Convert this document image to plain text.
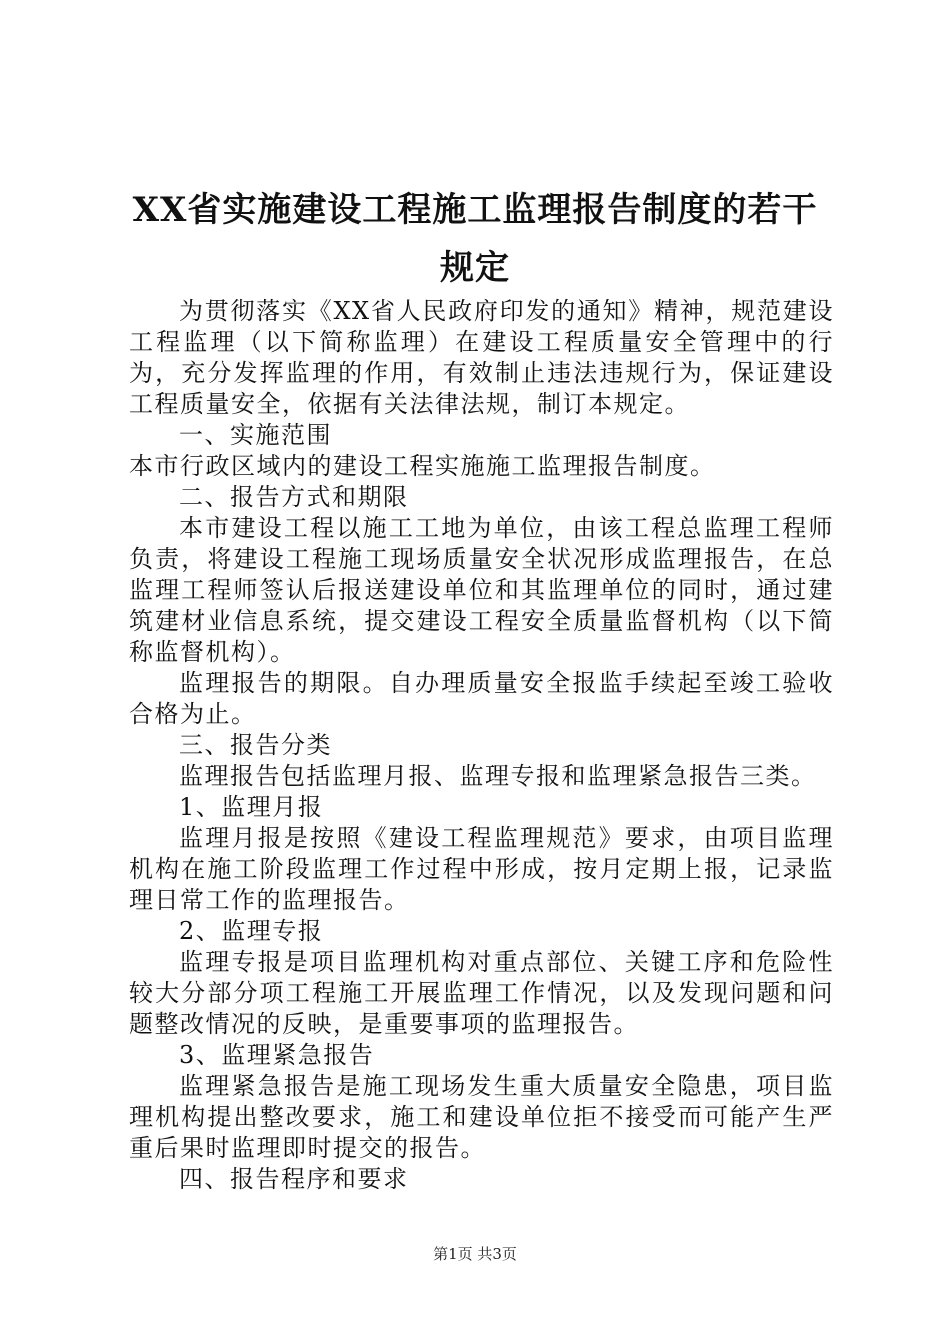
XX省实施建设工程施工监理报告制度的若干
规定

为贯彻落实《XX省人民政府印发的通知》精神，规范建设工程监理（以下简称监理）在建设工程质量安全管理中的行为，充分发挥监理的作用，有效制止违法违规行为，保证建设工程质量安全，依据有关法律法规，制订本规定。

一、实施范围

本市行政区域内的建设工程实施施工监理报告制度。

二、报告方式和期限

本市建设工程以施工工地为单位，由该工程总监理工程师负责，将建设工程施工现场质量安全状况形成监理报告，在总监理工程师签认后报送建设单位和其监理单位的同时，通过建筑建材业信息系统，提交建设工程安全质量监督机构（以下简称监督机构）。

监理报告的期限。自办理质量安全报监手续起至竣工验收合格为止。

三、报告分类

监理报告包括监理月报、监理专报和监理紧急报告三类。

1、监理月报

监理月报是按照《建设工程监理规范》要求，由项目监理机构在施工阶段监理工作过程中形成，按月定期上报，记录监理日常工作的监理报告。

2、监理专报

监理专报是项目监理机构对重点部位、关键工序和危险性较大分部分项工程施工开展监理工作情况，以及发现问题和问题整改情况的反映，是重要事项的监理报告。

3、监理紧急报告

监理紧急报告是施工现场发生重大质量安全隐患，项目监理机构提出整改要求，施工和建设单位拒不接受而可能产生严重后果时监理即时提交的报告。

四、报告程序和要求

第1页 共3页
